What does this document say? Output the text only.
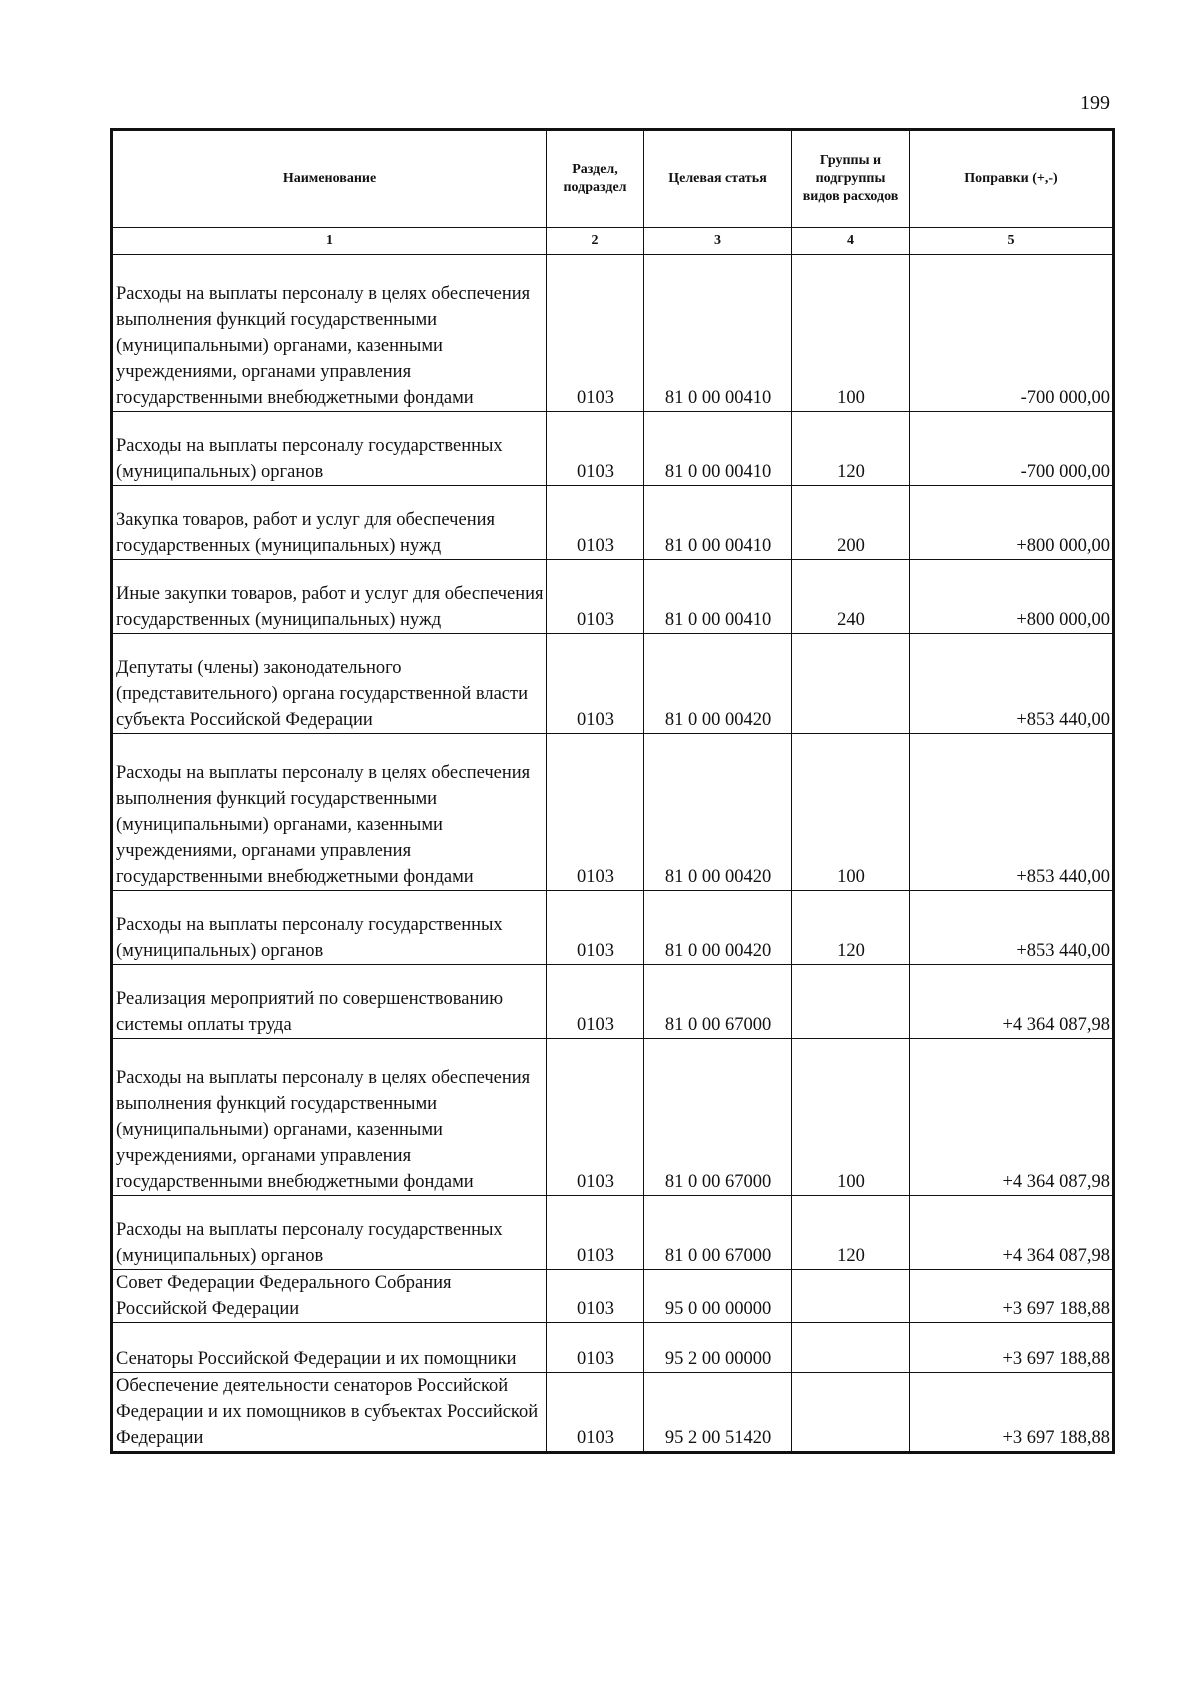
199
Наименование	Раздел, подраздел	Целевая статья	Группы и подгруппы видов расходов	Поправки (+,-)
1	2	3	4	5
Расходы на выплаты персоналу в целях обеспечения выполнения функций государственными (муниципальными) органами, казенными учреждениями, органами управления государственными внебюджетными фондами	0103	81 0 00 00410	100	-700 000,00
Расходы на выплаты персоналу государственных (муниципальных) органов	0103	81 0 00 00410	120	-700 000,00
Закупка товаров, работ и услуг для обеспечения государственных (муниципальных) нужд	0103	81 0 00 00410	200	+800 000,00
Иные закупки товаров, работ и услуг для обеспечения государственных (муниципальных) нужд	0103	81 0 00 00410	240	+800 000,00
Депутаты (члены) законодательного (представительного) органа государственной власти субъекта Российской Федерации	0103	81 0 00 00420		+853 440,00
Расходы на выплаты персоналу в целях обеспечения выполнения функций государственными (муниципальными) органами, казенными учреждениями, органами управления государственными внебюджетными фондами	0103	81 0 00 00420	100	+853 440,00
Расходы на выплаты персоналу государственных (муниципальных) органов	0103	81 0 00 00420	120	+853 440,00
Реализация мероприятий по совершенствованию системы оплаты труда	0103	81 0 00 67000		+4 364 087,98
Расходы на выплаты персоналу в целях обеспечения выполнения функций государственными (муниципальными) органами, казенными учреждениями, органами управления государственными внебюджетными фондами	0103	81 0 00 67000	100	+4 364 087,98
Расходы на выплаты персоналу государственных (муниципальных) органов	0103	81 0 00 67000	120	+4 364 087,98
Совет Федерации Федерального Собрания Российской Федерации	0103	95 0 00 00000		+3 697 188,88
Сенаторы Российской Федерации и их помощники	0103	95 2 00 00000		+3 697 188,88
Обеспечение деятельности сенаторов Российской Федерации и их помощников в субъектах Российской Федерации	0103	95 2 00 51420		+3 697 188,88
